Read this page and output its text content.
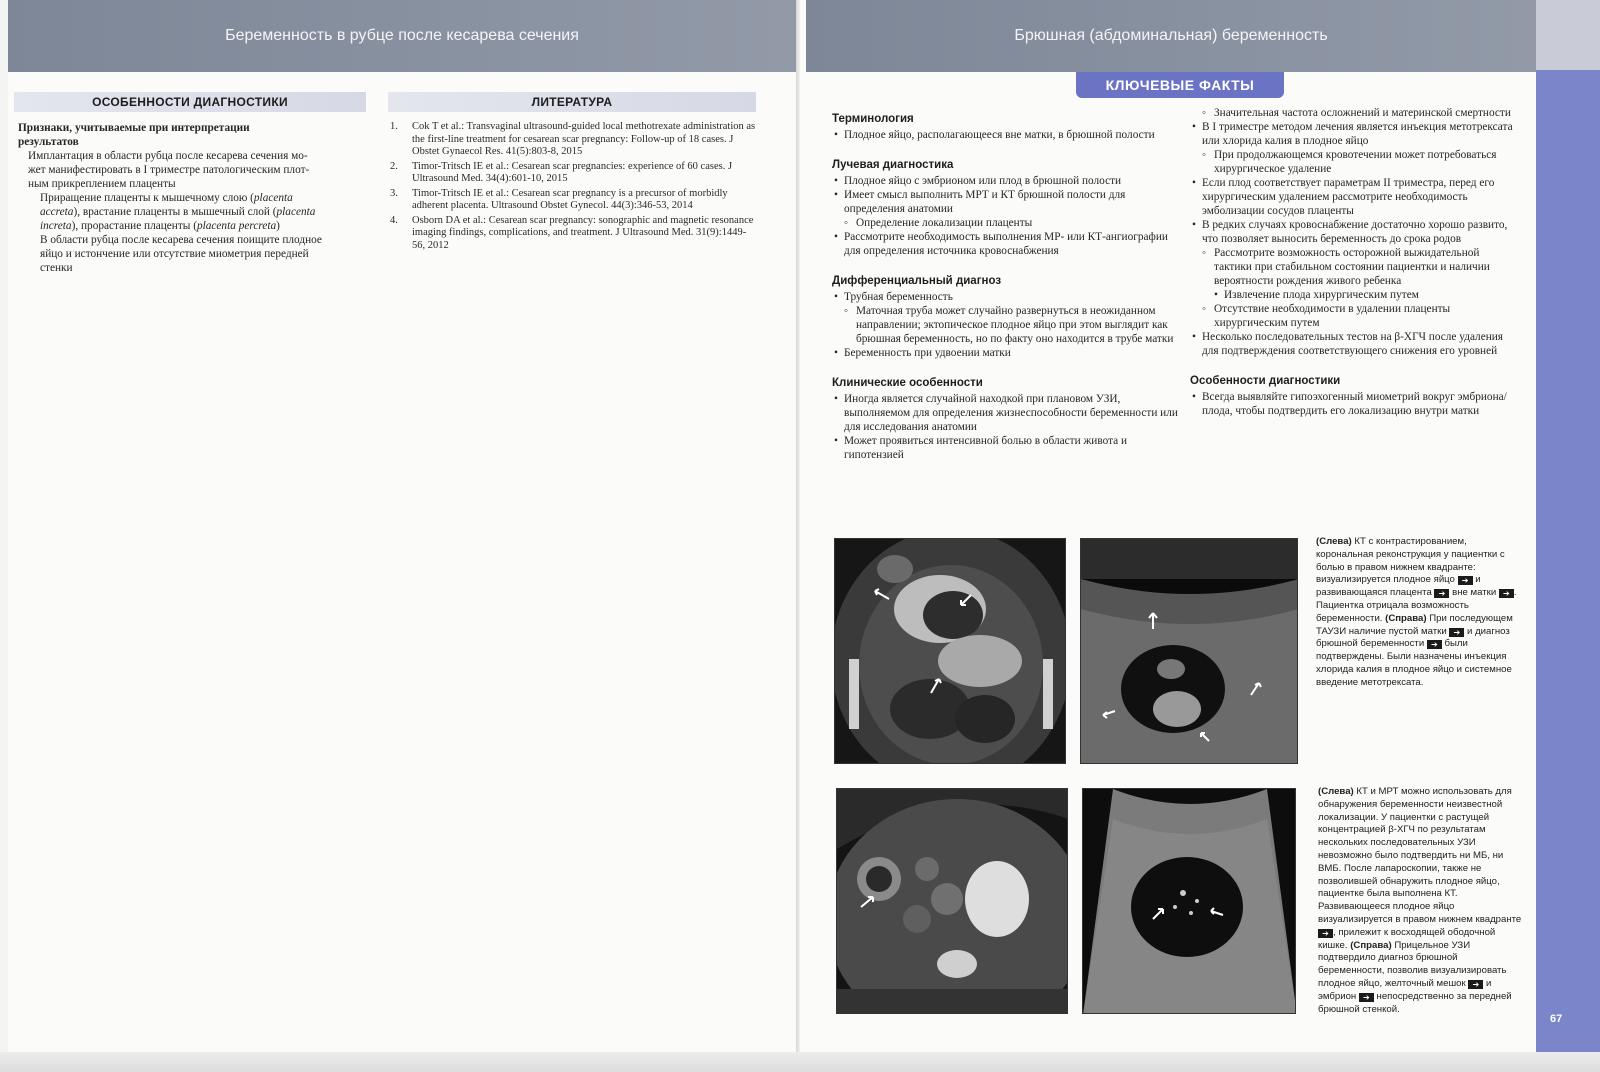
Беременность в рубце после кесарева сечения	Брюшная (абдоминальная) беременность
ОСОБЕННОСТИ ДИАГНОСТИКИ

Признаки, учитываемые при интерпретации

результатов

Имплантация в области рубца после кесарева сечения мо-

жет манифестировать в I триместре патологическим плот-

ным прикреплением плаценты

Приращение плаценты к мышечному слою (placenta

accreta), врастание плаценты в мышечный слой (placenta

increta), прорастание плаценты (placenta percreta)

В области рубца после кесарева сечения поищите плодное

яйцо и истончение или отсутствие миометрия передней

стенки

ЛИТЕРАТУРА
1. Cok T et al.: Transvaginal ultrasound-guided local methotrexate administration as the first-line treatment for cesarean scar pregnancy: Follow-up of 18 cases. J Obstet Gynaecol Res. 41(5):803-8, 2015
2. Timor-Tritsch IE et al.: Cesarean scar pregnancies: experience of 60 cases. J Ultrasound Med. 34(4):601-10, 2015
3. Timor-Tritsch IE et al.: Cesarean scar pregnancy is a precursor of morbidly adherent placenta. Ultrasound Obstet Gynecol. 44(3):346-53, 2014
4. Osborn DA et al.: Cesarean scar pregnancy: sonographic and magnetic resonance imaging findings, complications, and treatment. J Ultrasound Med. 31(9):1449-56, 2012
КЛЮЧЕВЫЕ ФАКТЫ
Терминология
• Плодное яйцо, располагающееся вне матки, в брюшной полости
Лучевая диагностика
• Плодное яйцо с эмбрионом или плод в брюшной полости
• Имеет смысл выполнить МРТ и КТ брюшной полости для определения анатомии
◦ Определение локализации плаценты
• Рассмотрите необходимость выполнения МР- или КТ-ангиографии для определения источника кровоснабжения
Дифференциальный диагноз
• Трубная беременность
◦ Маточная труба может случайно развернуться в неожиданном направлении; эктопическое плодное яйцо при этом выглядит как брюшная беременность, но по факту оно находится в трубе матки
• Беременность при удвоении матки
Клинические особенности
• Иногда является случайной находкой при плановом УЗИ, выполняемом для определения жизнеспособности беременности или для исследования анатомии
• Может проявиться интенсивной болью в области живота и гипотензией
◦ Значительная частота осложнений и материнской смертности
• В I триместре методом лечения является инъекция метотрексата или хлорида калия в плодное яйцо
◦ При продолжающемся кровотечении может потребоваться хирургическое удаление
• Если плод соответствует параметрам II триместра, перед его хирургическим удалением рассмотрите необходимость эмболизации сосудов плаценты
• В редких случаях кровоснабжение достаточно хорошо развито, что позволяет выносить беременность до срока родов
◦ Рассмотрите возможность осторожной выжидательной тактики при стабильном состоянии пациентки и наличии вероятности рождения живого ребенка
• Извлечение плода хирургическим путем
◦ Отсутствие необходимости в удалении плаценты хирургическим путем
• Несколько последовательных тестов на β-ХГЧ после удаления для подтверждения соответствующего снижения его уровней
Особенности диагностики
• Всегда выявляйте гипоэхогенный миометрий вокруг эмбриона/плода, чтобы подтвердить его локализацию внутри матки
(Слева) КТ с контрастированием, корональная реконструкция у пациентки с болью в правом нижнем квадранте: визуализируется плодное яйцо ➔ и развивающаяся плацента ➔ вне матки ➔ . Пациентка отрицала возможность беременности. (Справа) При последующем ТАУЗИ наличие пустой матки ➔ и диагноз брюшной беременности ➔ были подтверждены. Были назначены инъекция хлорида калия в плодное яйцо и системное введение метотрексата.
(Слева) КТ и МРТ можно использовать для обнаружения беременности неизвестной локализации. У пациентки с растущей концентрацией β-ХГЧ по результатам нескольких последовательных УЗИ невозможно было подтвердить ни МБ, ни ВМБ. После лапароскопии, также не позволившей обнаружить плодное яйцо, пациентке была выполнена КТ. Развивающееся плодное яйцо визуализируется в правом нижнем квадранте ➔ , прилежит к восходящей ободочной кишке. (Справа) Прицельное УЗИ подтвердило диагноз брюшной беременности, позволив визуализировать плодное яйцо, желточный мешок ➔ и эмбрион ➔ непосредственно за передней брюшной стенкой.
67
